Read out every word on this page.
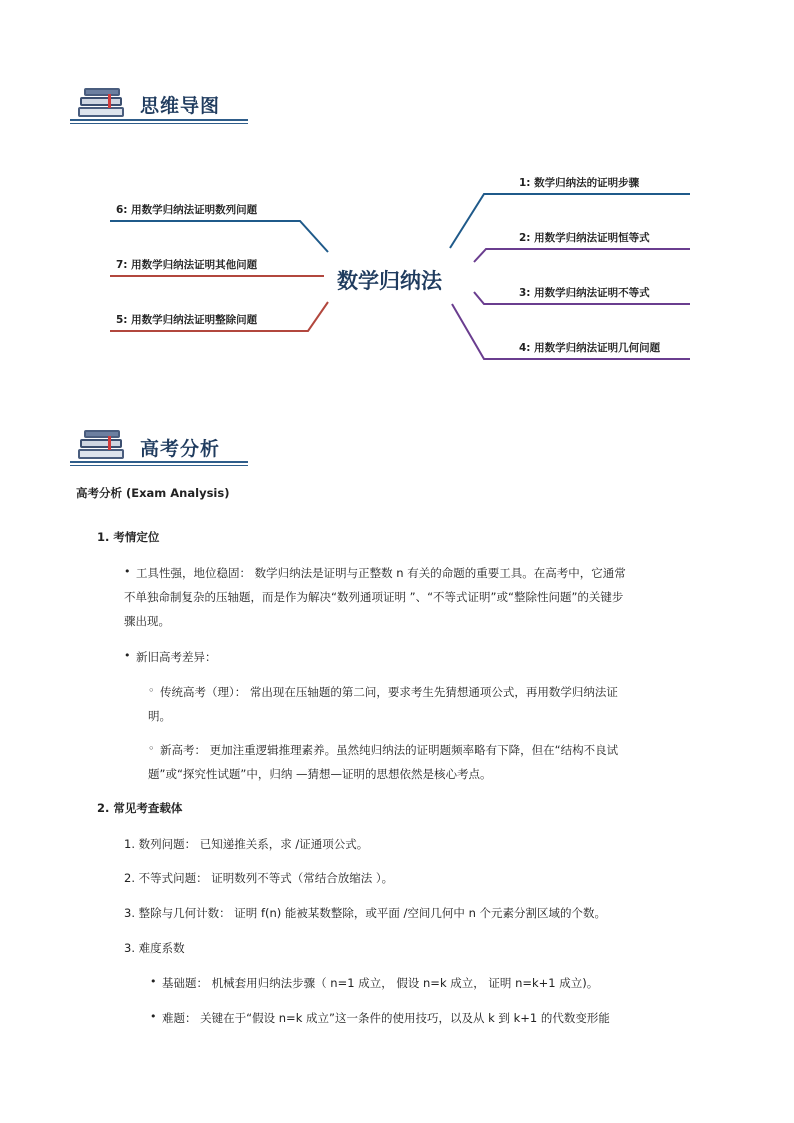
思维导图
数学归纳法
6: 用数学归纳法证明数列问题
7: 用数学归纳法证明其他问题
5: 用数学归纳法证明整除问题
1: 数学归纳法的证明步骤
2: 用数学归纳法证明恒等式
3: 用数学归纳法证明不等式
4: 用数学归纳法证明几何问题
高考分析
高考分析 (Exam Analysis)
1. 考情定位
• 工具性强，地位稳固： 数学归纳法是证明与正整数 n 有关的命题的重要工具。在高考中，它通常
不单独命制复杂的压轴题，而是作为解决“数列通项证明 ”、“不等式证明”或“整除性问题”的关键步
骤出现。
• 新旧高考差异：
◦ 传统高考（理）： 常出现在压轴题的第二问，要求考生先猜想通项公式，再用数学归纳法证
明。
◦ 新高考： 更加注重逻辑推理素养。虽然纯归纳法的证明题频率略有下降，但在“结构不良试
题”或“探究性试题”中，归纳 —猜想—证明的思想依然是核心考点。
2. 常见考查载体
1. 数列问题： 已知递推关系，求 /证通项公式。
2. 不等式问题： 证明数列不等式（常结合放缩法 ）。
3. 整除与几何计数： 证明 f(n) 能被某数整除，或平面 /空间几何中 n 个元素分割区域的个数。
3. 难度系数
• 基础题： 机械套用归纳法步骤（ n=1 成立， 假设 n=k 成立， 证明 n=k+1 成立)。
• 难题： 关键在于“假设 n=k 成立”这一条件的使用技巧，以及从 k 到 k+1 的代数变形能
